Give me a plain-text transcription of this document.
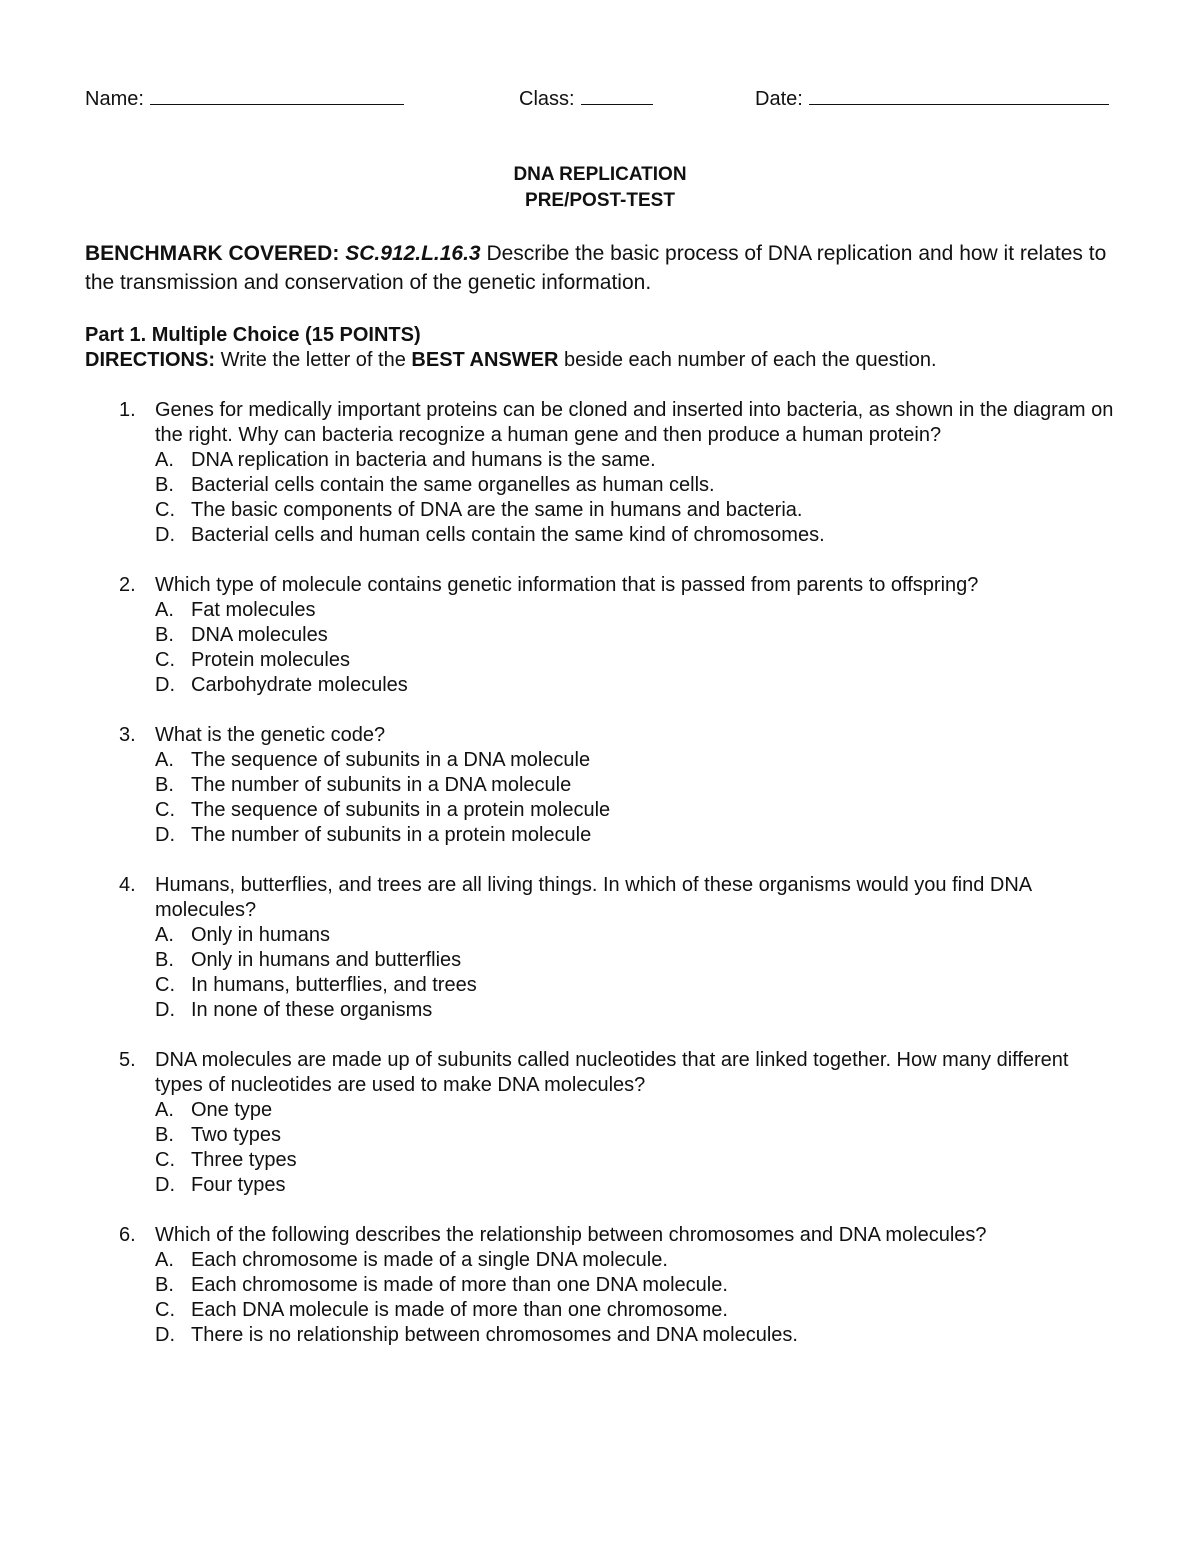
Name:	Class:	Date:
DNA REPLICATION
PRE/POST-TEST
BENCHMARK COVERED: SC.912.L.16.3 Describe the basic process of DNA replication and how it relates to the transmission and conservation of the genetic information.
Part 1. Multiple Choice (15 POINTS)
DIRECTIONS: Write the letter of the BEST ANSWER beside each number of each the question.
1. Genes for medically important proteins can be cloned and inserted into bacteria, as shown in the diagram on the right. Why can bacteria recognize a human gene and then produce a human protein?
A. DNA replication in bacteria and humans is the same.
B. Bacterial cells contain the same organelles as human cells.
C. The basic components of DNA are the same in humans and bacteria.
D. Bacterial cells and human cells contain the same kind of chromosomes.
2. Which type of molecule contains genetic information that is passed from parents to offspring?
A. Fat molecules
B. DNA molecules
C. Protein molecules
D. Carbohydrate molecules
3. What is the genetic code?
A. The sequence of subunits in a DNA molecule
B. The number of subunits in a DNA molecule
C. The sequence of subunits in a protein molecule
D. The number of subunits in a protein molecule
4. Humans, butterflies, and trees are all living things. In which of these organisms would you find DNA molecules?
A. Only in humans
B. Only in humans and butterflies
C. In humans, butterflies, and trees
D. In none of these organisms
5. DNA molecules are made up of subunits called nucleotides that are linked together. How many different types of nucleotides are used to make DNA molecules?
A. One type
B. Two types
C. Three types
D. Four types
6. Which of the following describes the relationship between chromosomes and DNA molecules?
A. Each chromosome is made of a single DNA molecule.
B. Each chromosome is made of more than one DNA molecule.
C. Each DNA molecule is made of more than one chromosome.
D. There is no relationship between chromosomes and DNA molecules.
